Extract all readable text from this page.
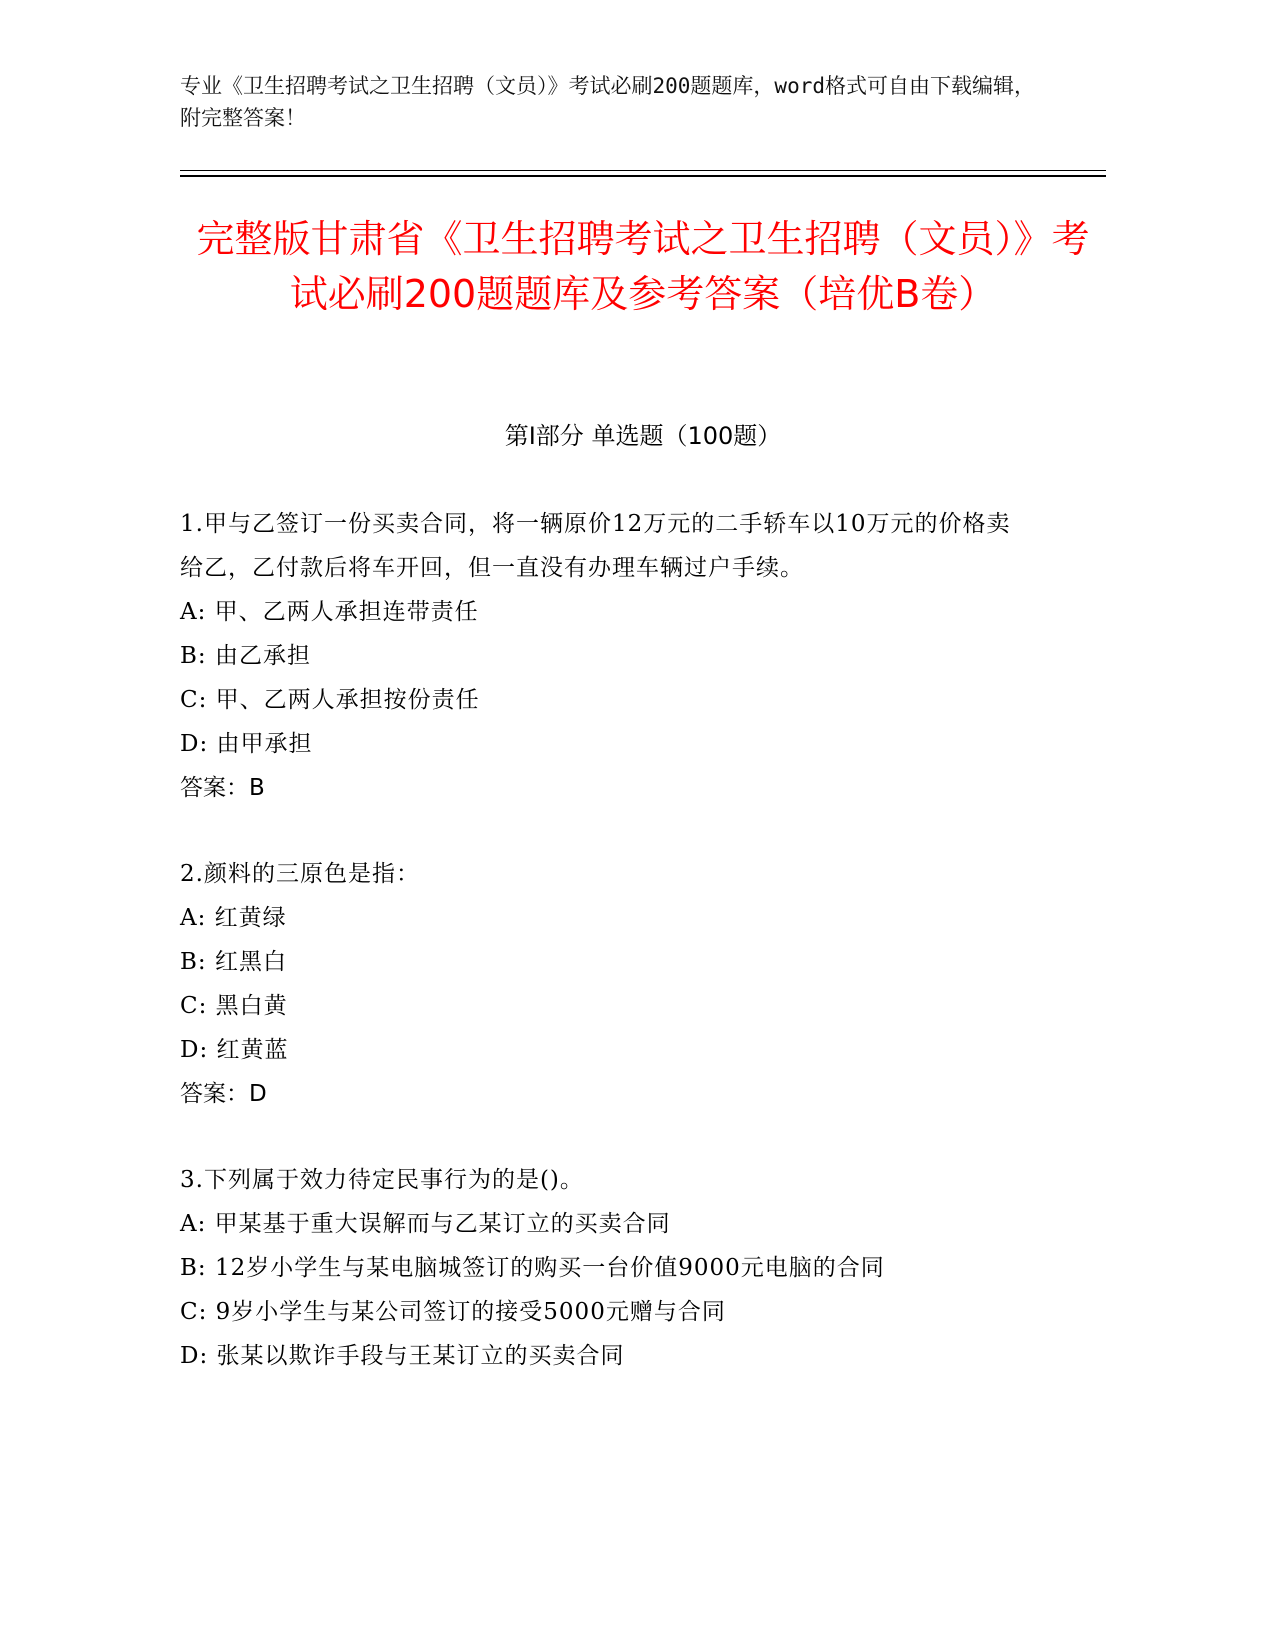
专业《卫生招聘考试之卫生招聘（文员）》考试必刷200题题库，word格式可自由下载编辑，附完整答案！
完整版甘肃省《卫生招聘考试之卫生招聘（文员）》考试必刷200题题库及参考答案（培优B卷）
第I部分 单选题（100题）

1.甲与乙签订一份买卖合同，将一辆原价12万元的二手轿车以10万元的价格卖给乙，乙付款后将车开回，但一直没有办理车辆过户手续。

A: 甲、乙两人承担连带责任

B: 由乙承担

C: 甲、乙两人承担按份责任

D: 由甲承担

答案：B

2.颜料的三原色是指：

A: 红黄绿

B: 红黑白

C: 黑白黄

D: 红黄蓝

答案：D

3.下列属于效力待定民事行为的是()。

A: 甲某基于重大误解而与乙某订立的买卖合同

B: 12岁小学生与某电脑城签订的购买一台价值9000元电脑的合同

C: 9岁小学生与某公司签订的接受5000元赠与合同

D: 张某以欺诈手段与王某订立的买卖合同
